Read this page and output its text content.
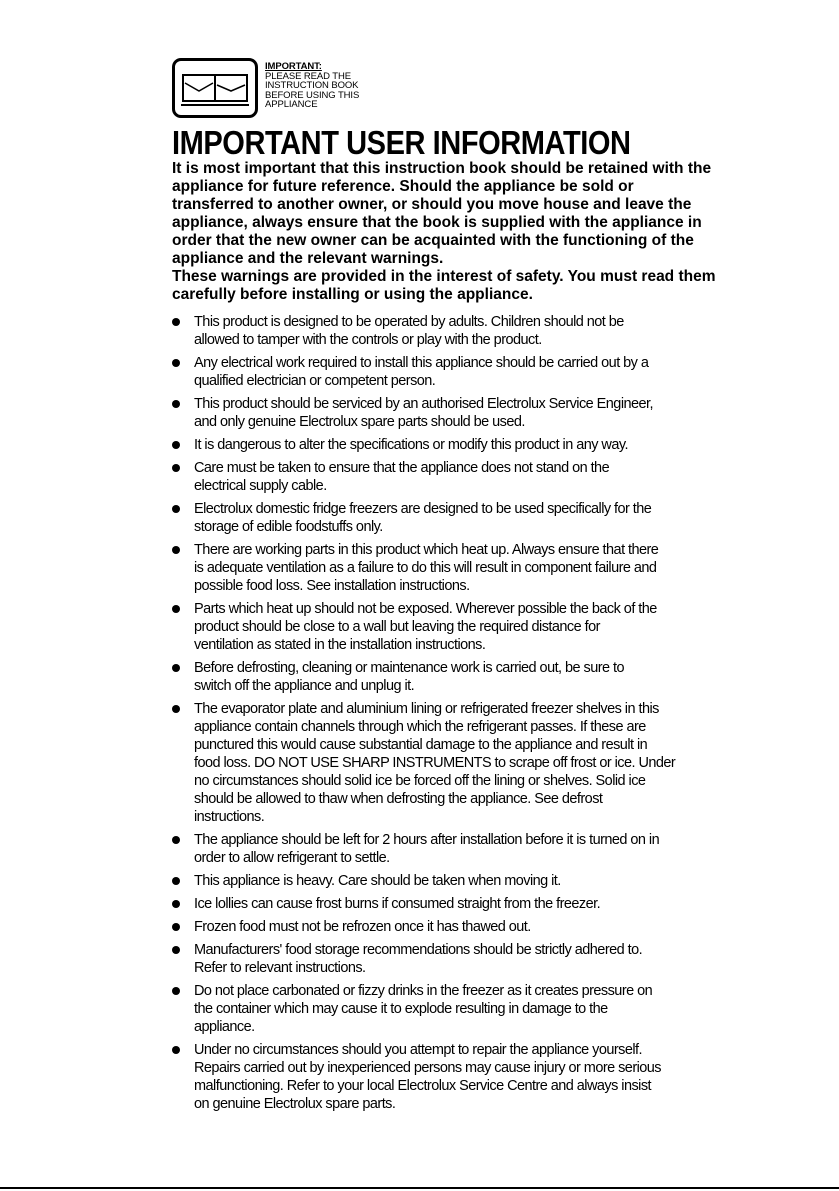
IMPORTANT:
PLEASE READ THE
INSTRUCTION BOOK
BEFORE USING THIS
APPLIANCE
IMPORTANT USER INFORMATION
It is most important that this instruction book should be retained with the
appliance for future reference. Should the appliance be sold or
transferred to another owner, or should you move house and leave the
appliance, always ensure that the book is supplied with the appliance in
order that the new owner can be acquainted with the functioning of the
appliance and the relevant warnings.
These warnings are provided in the interest of safety. You must read them
carefully before installing or using the appliance.
This product is designed to be operated by adults. Children should not be
allowed to tamper with the controls or play with the product.
Any electrical work required to install this appliance should be carried out by a
qualified electrician or competent person.
This product should be serviced by an authorised Electrolux Service Engineer,
and only genuine Electrolux spare parts should be used.
It is dangerous to alter the specifications or modify this product in any way.
Care must be taken to ensure that the appliance does not stand on the
electrical supply cable.
Electrolux domestic fridge freezers are designed to be used specifically for the
storage of edible foodstuffs only.
There are working parts in this product which heat up. Always ensure that there
is adequate ventilation as a failure to do this will result in component failure and
possible food loss. See installation instructions.
Parts which heat up should not be exposed. Wherever possible the back of the
product should be close to a wall but leaving the required distance for
ventilation as stated in the installation instructions.
Before defrosting, cleaning or maintenance work is carried out, be sure to
switch off the appliance and unplug it.
The evaporator plate and aluminium lining or refrigerated freezer shelves in this
appliance contain channels through which the refrigerant passes. If these are
punctured this would cause substantial damage to the appliance and result in
food loss. DO NOT USE SHARP INSTRUMENTS to scrape off frost or ice. Under
no circumstances should solid ice be forced off the lining or shelves. Solid ice
should be allowed to thaw when defrosting the appliance. See defrost
instructions.
The appliance should be left for 2 hours after installation before it is turned on in
order to allow refrigerant to settle.
This appliance is heavy. Care should be taken when moving it.
Ice lollies can cause frost burns if consumed straight from the freezer.
Frozen food must not be refrozen once it has thawed out.
Manufacturers' food storage recommendations should be strictly adhered to.
Refer to relevant instructions.
Do not place carbonated or fizzy drinks in the freezer as it creates pressure on
the container which may cause it to explode resulting in damage to the
appliance.
Under no circumstances should you attempt to repair the appliance yourself.
Repairs carried out by inexperienced persons may cause injury or more serious
malfunctioning. Refer to your local Electrolux Service Centre and always insist
on genuine Electrolux spare parts.
